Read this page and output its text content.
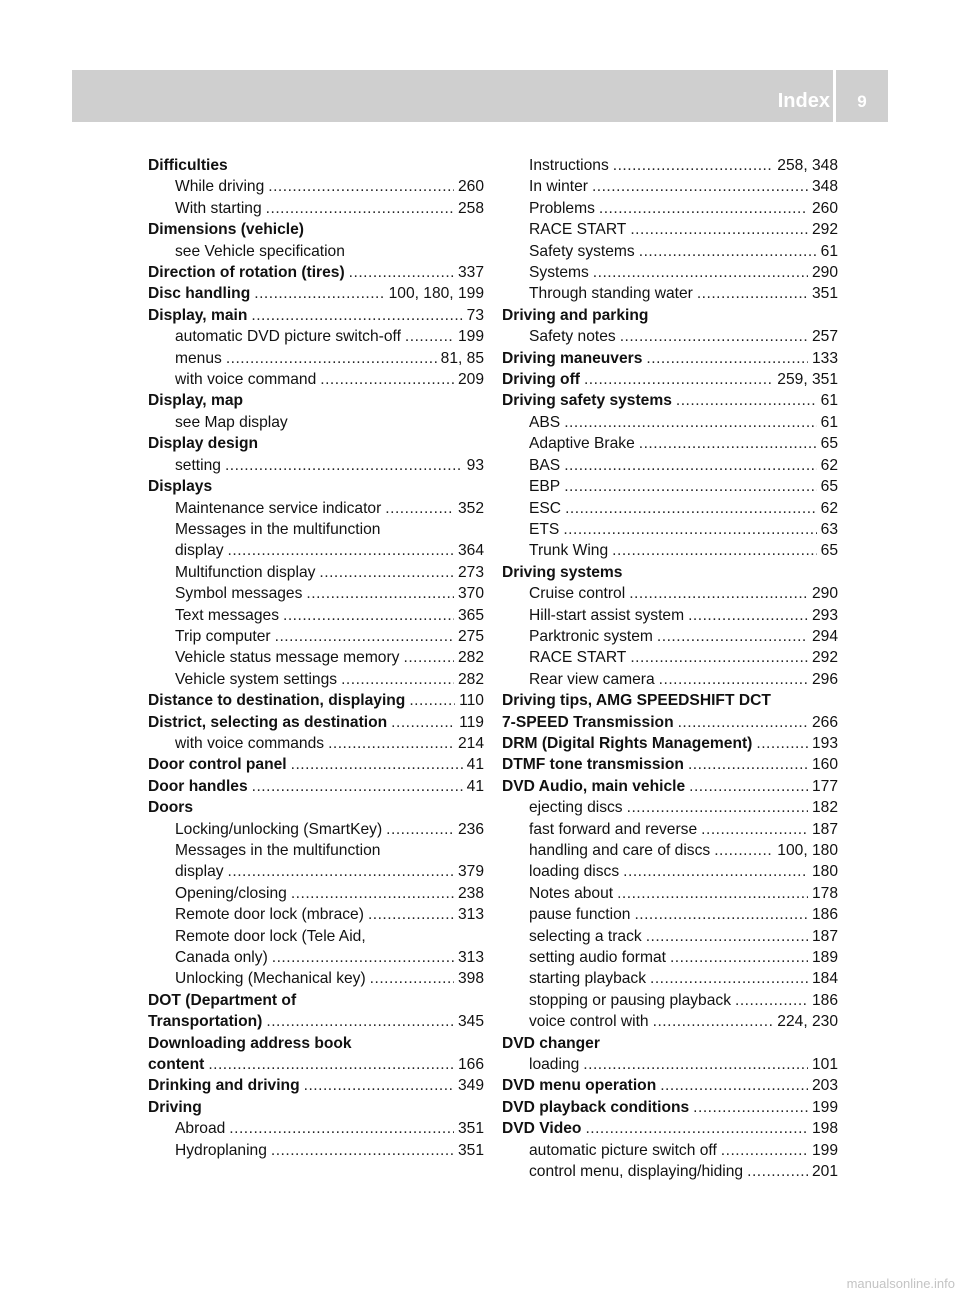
Index	9
Difficulties
While driving .....	260
With starting .....	258
Dimensions (vehicle)
see Vehicle specification
Direction of rotation (tires) .....	337
Disc handling .....	100, 180, 199
Display, main .....	73
automatic DVD picture switch-off .....	199
menus .....	81, 85
with voice command .....	209
Display, map
see Map display
Display design
setting .....	93
Displays
Maintenance service indicator .....	352
Messages in the multifunction
display .....	364
Multifunction display .....	273
Symbol messages .....	370
Text messages .....	365
Trip computer .....	275
Vehicle status message memory .....	282
Vehicle system settings .....	282
Distance to destination, displaying .....	110
District, selecting as destination .....	119
with voice commands .....	214
Door control panel .....	41
Door handles .....	41
Doors
Locking/unlocking (SmartKey) .....	236
Messages in the multifunction
display .....	379
Opening/closing .....	238
Remote door lock (mbrace) .....	313
Remote door lock (Tele Aid,
Canada only) .....	313
Unlocking (Mechanical key) .....	398
DOT (Department of
Transportation) .....	345
Downloading address book
content .....	166
Drinking and driving .....	349
Driving
Abroad .....	351
Hydroplaning .....	351
Instructions .....	258, 348
In winter .....	348
Problems .....	260
RACE START .....	292
Safety systems .....	61
Systems .....	290
Through standing water .....	351
Driving and parking
Safety notes .....	257
Driving maneuvers .....	133
Driving off .....	259, 351
Driving safety systems .....	61
ABS .....	61
Adaptive Brake .....	65
BAS .....	62
EBP .....	65
ESC .....	62
ETS .....	63
Trunk Wing .....	65
Driving systems
Cruise control .....	290
Hill-start assist system .....	293
Parktronic system .....	294
RACE START .....	292
Rear view camera .....	296
Driving tips, AMG SPEEDSHIFT DCT
7-SPEED Transmission .....	266
DRM (Digital Rights Management) .....	193
DTMF tone transmission .....	160
DVD Audio, main vehicle .....	177
ejecting discs .....	182
fast forward and reverse .....	187
handling and care of discs .....	100, 180
loading discs .....	180
Notes about .....	178
pause function .....	186
selecting a track .....	187
setting audio format .....	189
starting playback .....	184
stopping or pausing playback .....	186
voice control with .....	224, 230
DVD changer
loading .....	101
DVD menu operation .....	203
DVD playback conditions .....	199
DVD Video .....	198
automatic picture switch off .....	199
control menu, displaying/hiding .....	201
manualsonline.info
